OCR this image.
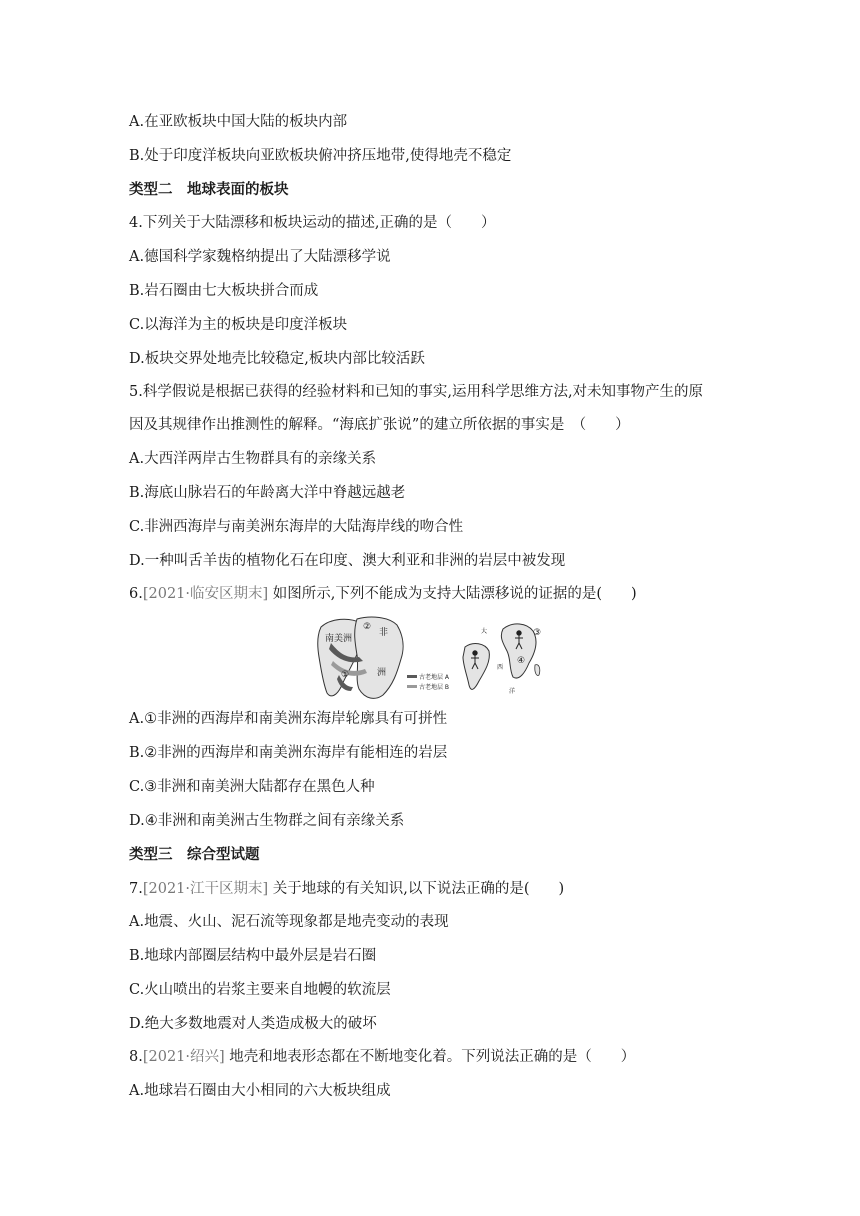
A.在亚欧板块中国大陆的板块内部
B.处于印度洋板块向亚欧板块俯冲挤压地带,使得地壳不稳定
类型二　地球表面的板块
4.下列关于大陆漂移和板块运动的描述,正确的是（　　）
A.德国科学家魏格纳提出了大陆漂移学说
B.岩石圈由七大板块拼合而成
C.以海洋为主的板块是印度洋板块
D.板块交界处地壳比较稳定,板块内部比较活跃
5.科学假说是根据已获得的经验材料和已知的事实,运用科学思维方法,对未知事物产生的原
因及其规律作出推测性的解释。“海底扩张说”的建立所依据的事实是　（　　）
A.大西洋两岸古生物群具有的亲缘关系
B.海底山脉岩石的年龄离大洋中脊越远越老
C.非洲西海岸与南美洲东海岸的大陆海岸线的吻合性
D.一种叫舌羊齿的植物化石在印度、澳大利亚和非洲的岩层中被发现
6.[2021·临安区期末] 如图所示,下列不能成为支持大陆漂移说的证据的是(　　)
南美洲
非
洲
②
①	古老地层 A
古老地层 B
大
西
洋
③
④
A.①非洲的西海岸和南美洲东海岸轮廓具有可拼性
B.②非洲的西海岸和南美洲东海岸有能相连的岩层
C.③非洲和南美洲大陆都存在黑色人种
D.④非洲和南美洲古生物群之间有亲缘关系
类型三　综合型试题
7.[2021·江干区期末] 关于地球的有关知识,以下说法正确的是(　　)
A.地震、火山、泥石流等现象都是地壳变动的表现
B.地球内部圈层结构中最外层是岩石圈
C.火山喷出的岩浆主要来自地幔的软流层
D.绝大多数地震对人类造成极大的破坏
8.[2021·绍兴] 地壳和地表形态都在不断地变化着。下列说法正确的是（　　）
A.地球岩石圈由大小相同的六大板块组成
